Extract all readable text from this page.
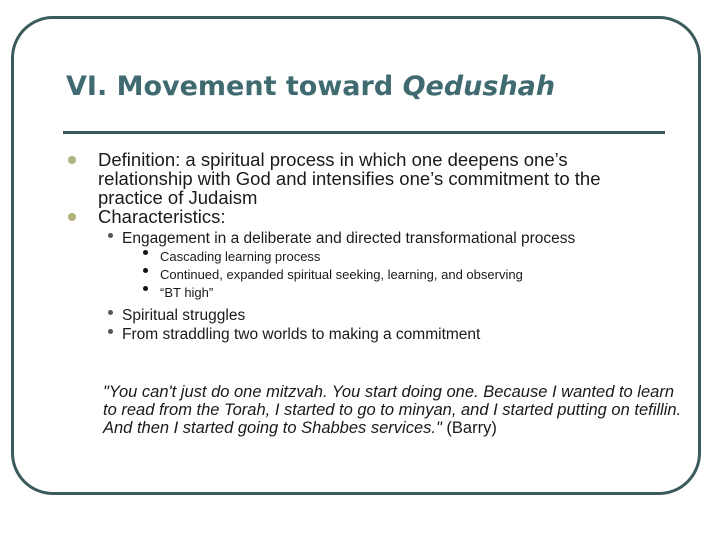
VI. Movement toward Qedushah
Definition: a spiritual process in which one deepens one’s relationship with God and intensifies one’s commitment to the practice of Judaism
Characteristics:
Engagement in a deliberate and directed transformational process
Cascading learning process
Continued, expanded spiritual seeking, learning, and observing
“BT high”
Spiritual struggles
From straddling two worlds to making a commitment

"You can't just do one mitzvah. You start doing one. Because I wanted to learn to read from the Torah, I started to go to minyan, and I started putting on tefillin. And then I started going to Shabbes services." (Barry)
